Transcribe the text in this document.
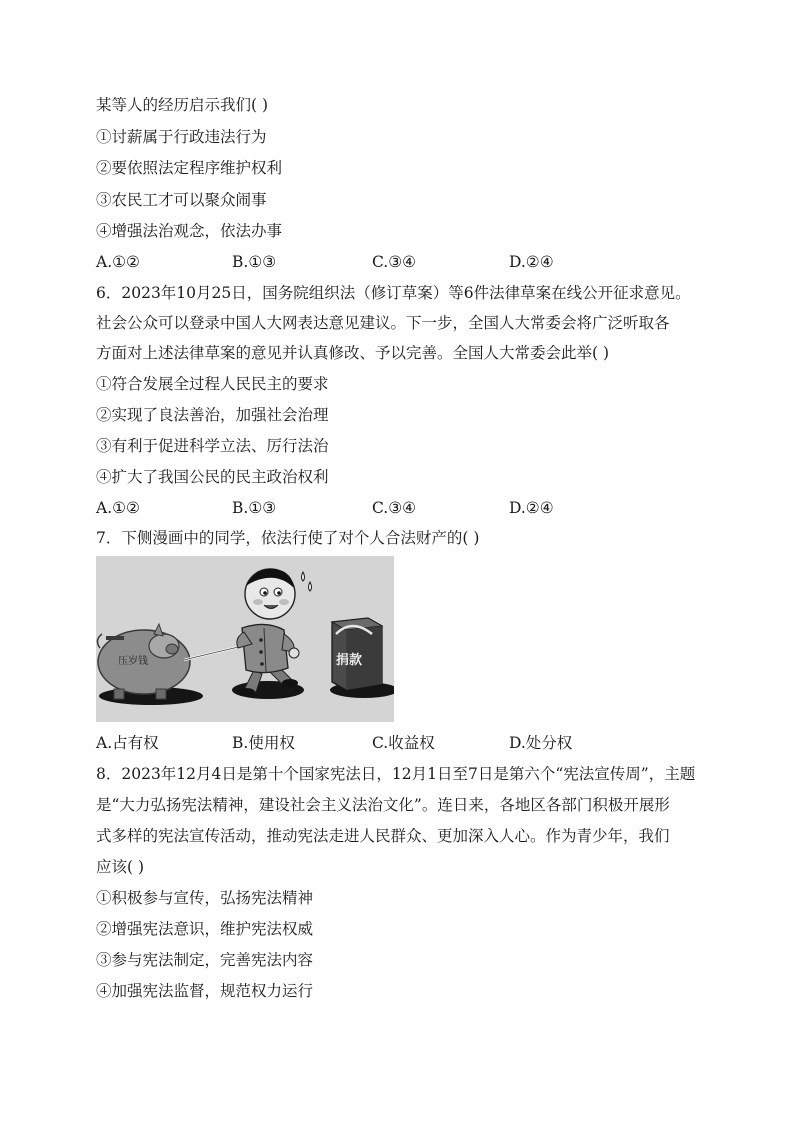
某等人的经历启示我们( )
①讨薪属于行政违法行为
②要依照法定程序维护权利
③农民工才可以聚众闹事
④增强法治观念，依法办事
A.①②	B.①③	C.③④	D.②④
6．2023年10月25日，国务院组织法（修订草案）等6件法律草案在线公开征求意见。
社会公众可以登录中国人大网表达意见建议。下一步，全国人大常委会将广泛听取各
方面对上述法律草案的意见并认真修改、予以完善。全国人大常委会此举( )
①符合发展全过程人民民主的要求
②实现了良法善治，加强社会治理
③有利于促进科学立法、厉行法治
④扩大了我国公民的民主政治权利
A.①②	B.①③	C.③④	D.②④
7．下侧漫画中的同学，依法行使了对个人合法财产的( )
压岁钱	捐款
A.占有权	B.使用权	C.收益权	D.处分权
8．2023年12月4日是第十个国家宪法日，12月1日至7日是第六个“宪法宣传周”，主题
是“大力弘扬宪法精神，建设社会主义法治文化”。连日来，各地区各部门积极开展形
式多样的宪法宣传活动，推动宪法走进人民群众、更加深入人心。作为青少年，我们
应该( )
①积极参与宣传，弘扬宪法精神
②增强宪法意识，维护宪法权威
③参与宪法制定，完善宪法内容
④加强宪法监督，规范权力运行
